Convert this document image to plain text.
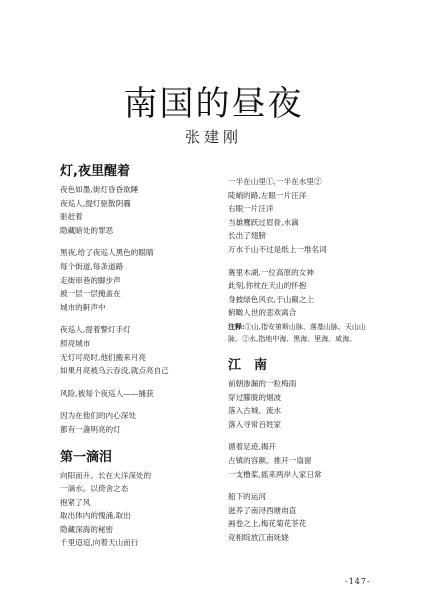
南国的昼夜
张建刚
灯,夜里醒着
夜色如墨,街灯昏昏欲睡
夜巡人,提灯驱散阴霾
驱赶着
隐藏暗处的罪恶
黑夜,给了夜巡人黑色的眼睛
每个街道,每条道路
走街串巷的脚步声
被一层一层掩盖在
城市的鼾声中
夜巡人,提着警灯手灯
照亮城市
无灯可亮时,他们搬来月亮
如果月亮被乌云吞没,就点亮自己
风险,被每个夜巡人——捕获
因为在他们的内心深处
都有一盏明亮的灯
第一滴泪
向阳而升。长在大洋深处的
一滴水。以倚舍之态
抱紧了风
取出体内的愧涌,取出
隐藏深海的秘密
千里迢迢,向着天山而行
一半在山里①,一半在水里②
陡峭的路,左眼一片汪洋
右眼一片汪洋
当雄鹰跃过眉骨,水滴
长出了翅膀
万水千山不过是纸上一堆名词
赛里木湖,一位高原的女神
此刻,你枕在天山的怀抱
身披绿色风衣,于山巅之上
俯瞰人世的悲欢离合
注释:①山,指安第斯山脉、落基山脉、天山山
脉。②水,指地中海、黑海、里海、咸海。
江　南
前朝渗漏的一粒梅雨
穿过朦胧的烟波
落入古城、流水
落入寻常百姓家
循着足迹,揭开
古镇的容颜。推开一扇窗
一支橹桨,摇来两岸人家日常
船下的运河
滋养了南浔西塘甪直
画卷之上,梅花菊花茶花
竞相绽放江南妩娆
-147-
